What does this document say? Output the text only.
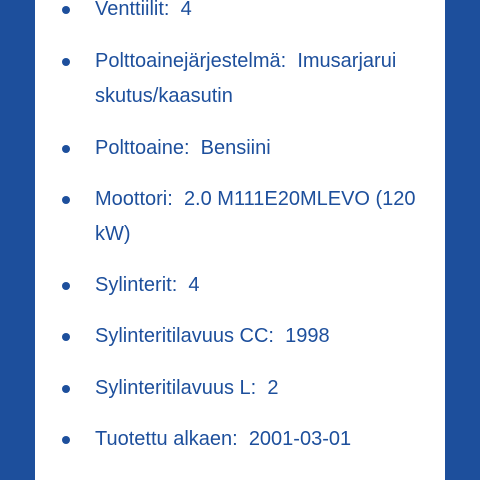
Venttiilit: 4
Polttoainejärjestelmä: Imusarjarui skutus/kaasutin
Polttoaine: Bensiini
Moottori: 2.0 M111E20MLEVO (120 kW)
Sylinterit: 4
Sylinteritilavuus CC: 1998
Sylinteritilavuus L: 2
Tuotettu alkaen: 2001-03-01
